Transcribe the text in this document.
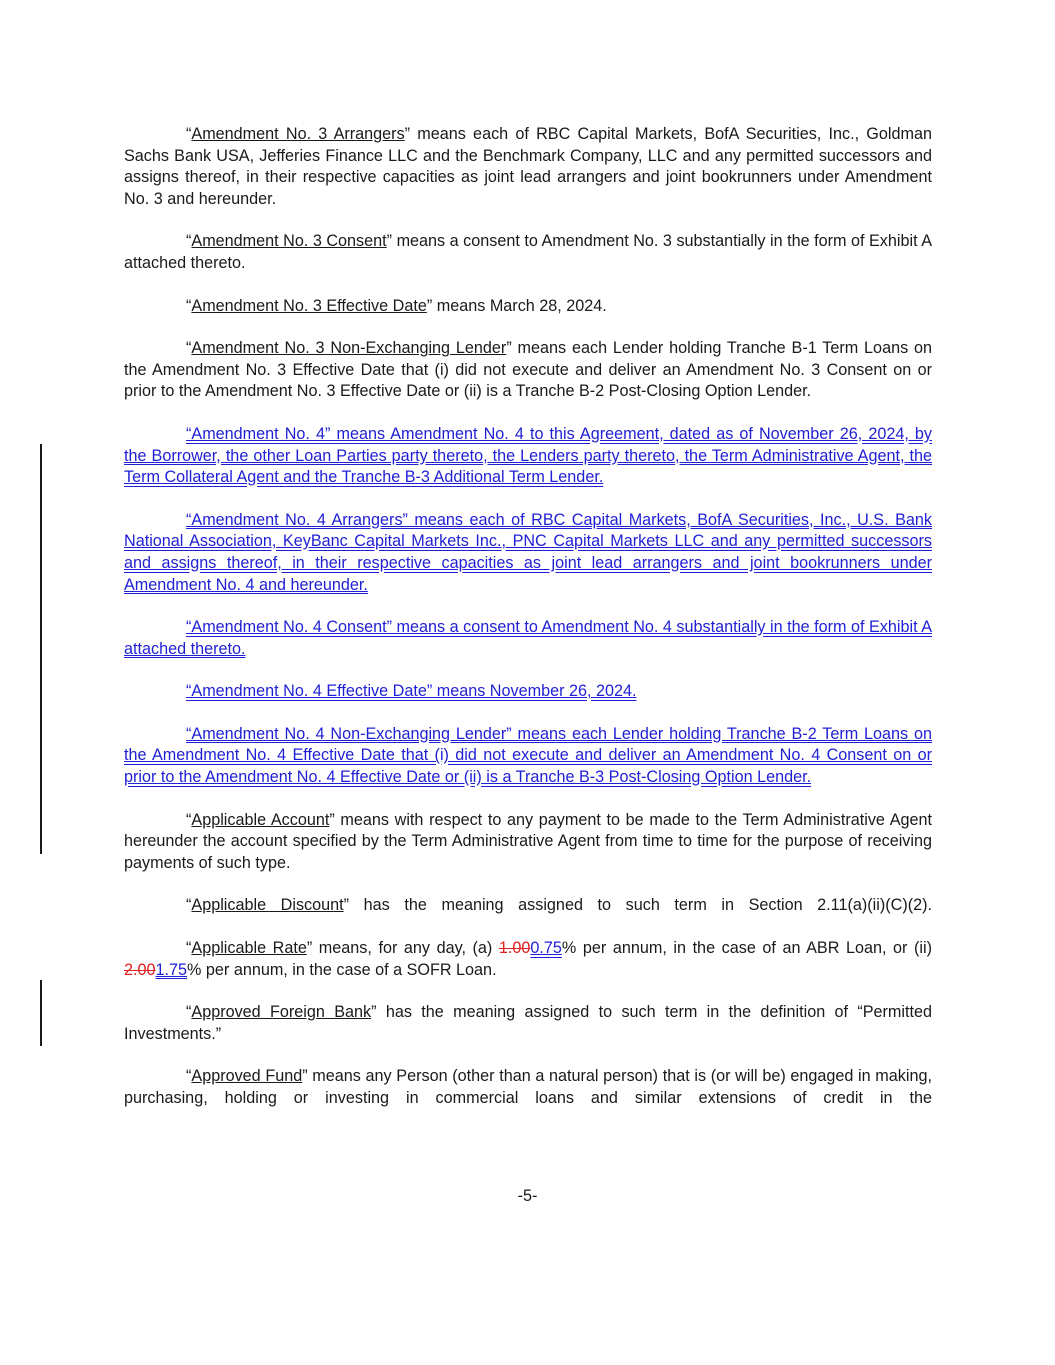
“Amendment No. 3 Arrangers” means each of RBC Capital Markets, BofA Securities, Inc., Goldman Sachs Bank USA, Jefferies Finance LLC and the Benchmark Company, LLC and any permitted successors and assigns thereof, in their respective capacities as joint lead arrangers and joint bookrunners under Amendment No. 3 and hereunder.

“Amendment No. 3 Consent” means a consent to Amendment No. 3 substantially in the form of Exhibit A attached thereto.

“Amendment No. 3 Effective Date” means March 28, 2024.

“Amendment No. 3 Non-Exchanging Lender” means each Lender holding Tranche B-1 Term Loans on the Amendment No. 3 Effective Date that (i) did not execute and deliver an Amendment No. 3 Consent on or prior to the Amendment No. 3 Effective Date or (ii) is a Tranche B-2 Post-Closing Option Lender.

“Amendment No. 4” means Amendment No. 4 to this Agreement, dated as of November 26, 2024, by the Borrower, the other Loan Parties party thereto, the Lenders party thereto, the Term Administrative Agent, the Term Collateral Agent and the Tranche B-3 Additional Term Lender.

“Amendment No. 4 Arrangers” means each of RBC Capital Markets, BofA Securities, Inc., U.S. Bank National Association, KeyBanc Capital Markets Inc., PNC Capital Markets LLC and any permitted successors and assigns thereof, in their respective capacities as joint lead arrangers and joint bookrunners under Amendment No. 4 and hereunder.

“Amendment No. 4 Consent” means a consent to Amendment No. 4 substantially in the form of Exhibit A attached thereto.

“Amendment No. 4 Effective Date” means November 26, 2024.

“Amendment No. 4 Non-Exchanging Lender” means each Lender holding Tranche B-2 Term Loans on the Amendment No. 4 Effective Date that (i) did not execute and deliver an Amendment No. 4 Consent on or prior to the Amendment No. 4 Effective Date or (ii) is a Tranche B-3 Post-Closing Option Lender.

“Applicable Account” means with respect to any payment to be made to the Term Administrative Agent hereunder the account specified by the Term Administrative Agent from time to time for the purpose of receiving payments of such type.

“Applicable Discount” has the meaning assigned to such term in Section 2.11(a)(ii)(C)(2).

“Applicable Rate” means, for any day, (a) 1.000.75% per annum, in the case of an ABR Loan, or (ii) 2.001.75% per annum, in the case of a SOFR Loan.

“Approved Foreign Bank” has the meaning assigned to such term in the definition of “Permitted Investments.”

“Approved Fund” means any Person (other than a natural person) that is (or will be) engaged in making, purchasing, holding or investing in commercial loans and similar extensions of credit in the

-5-
